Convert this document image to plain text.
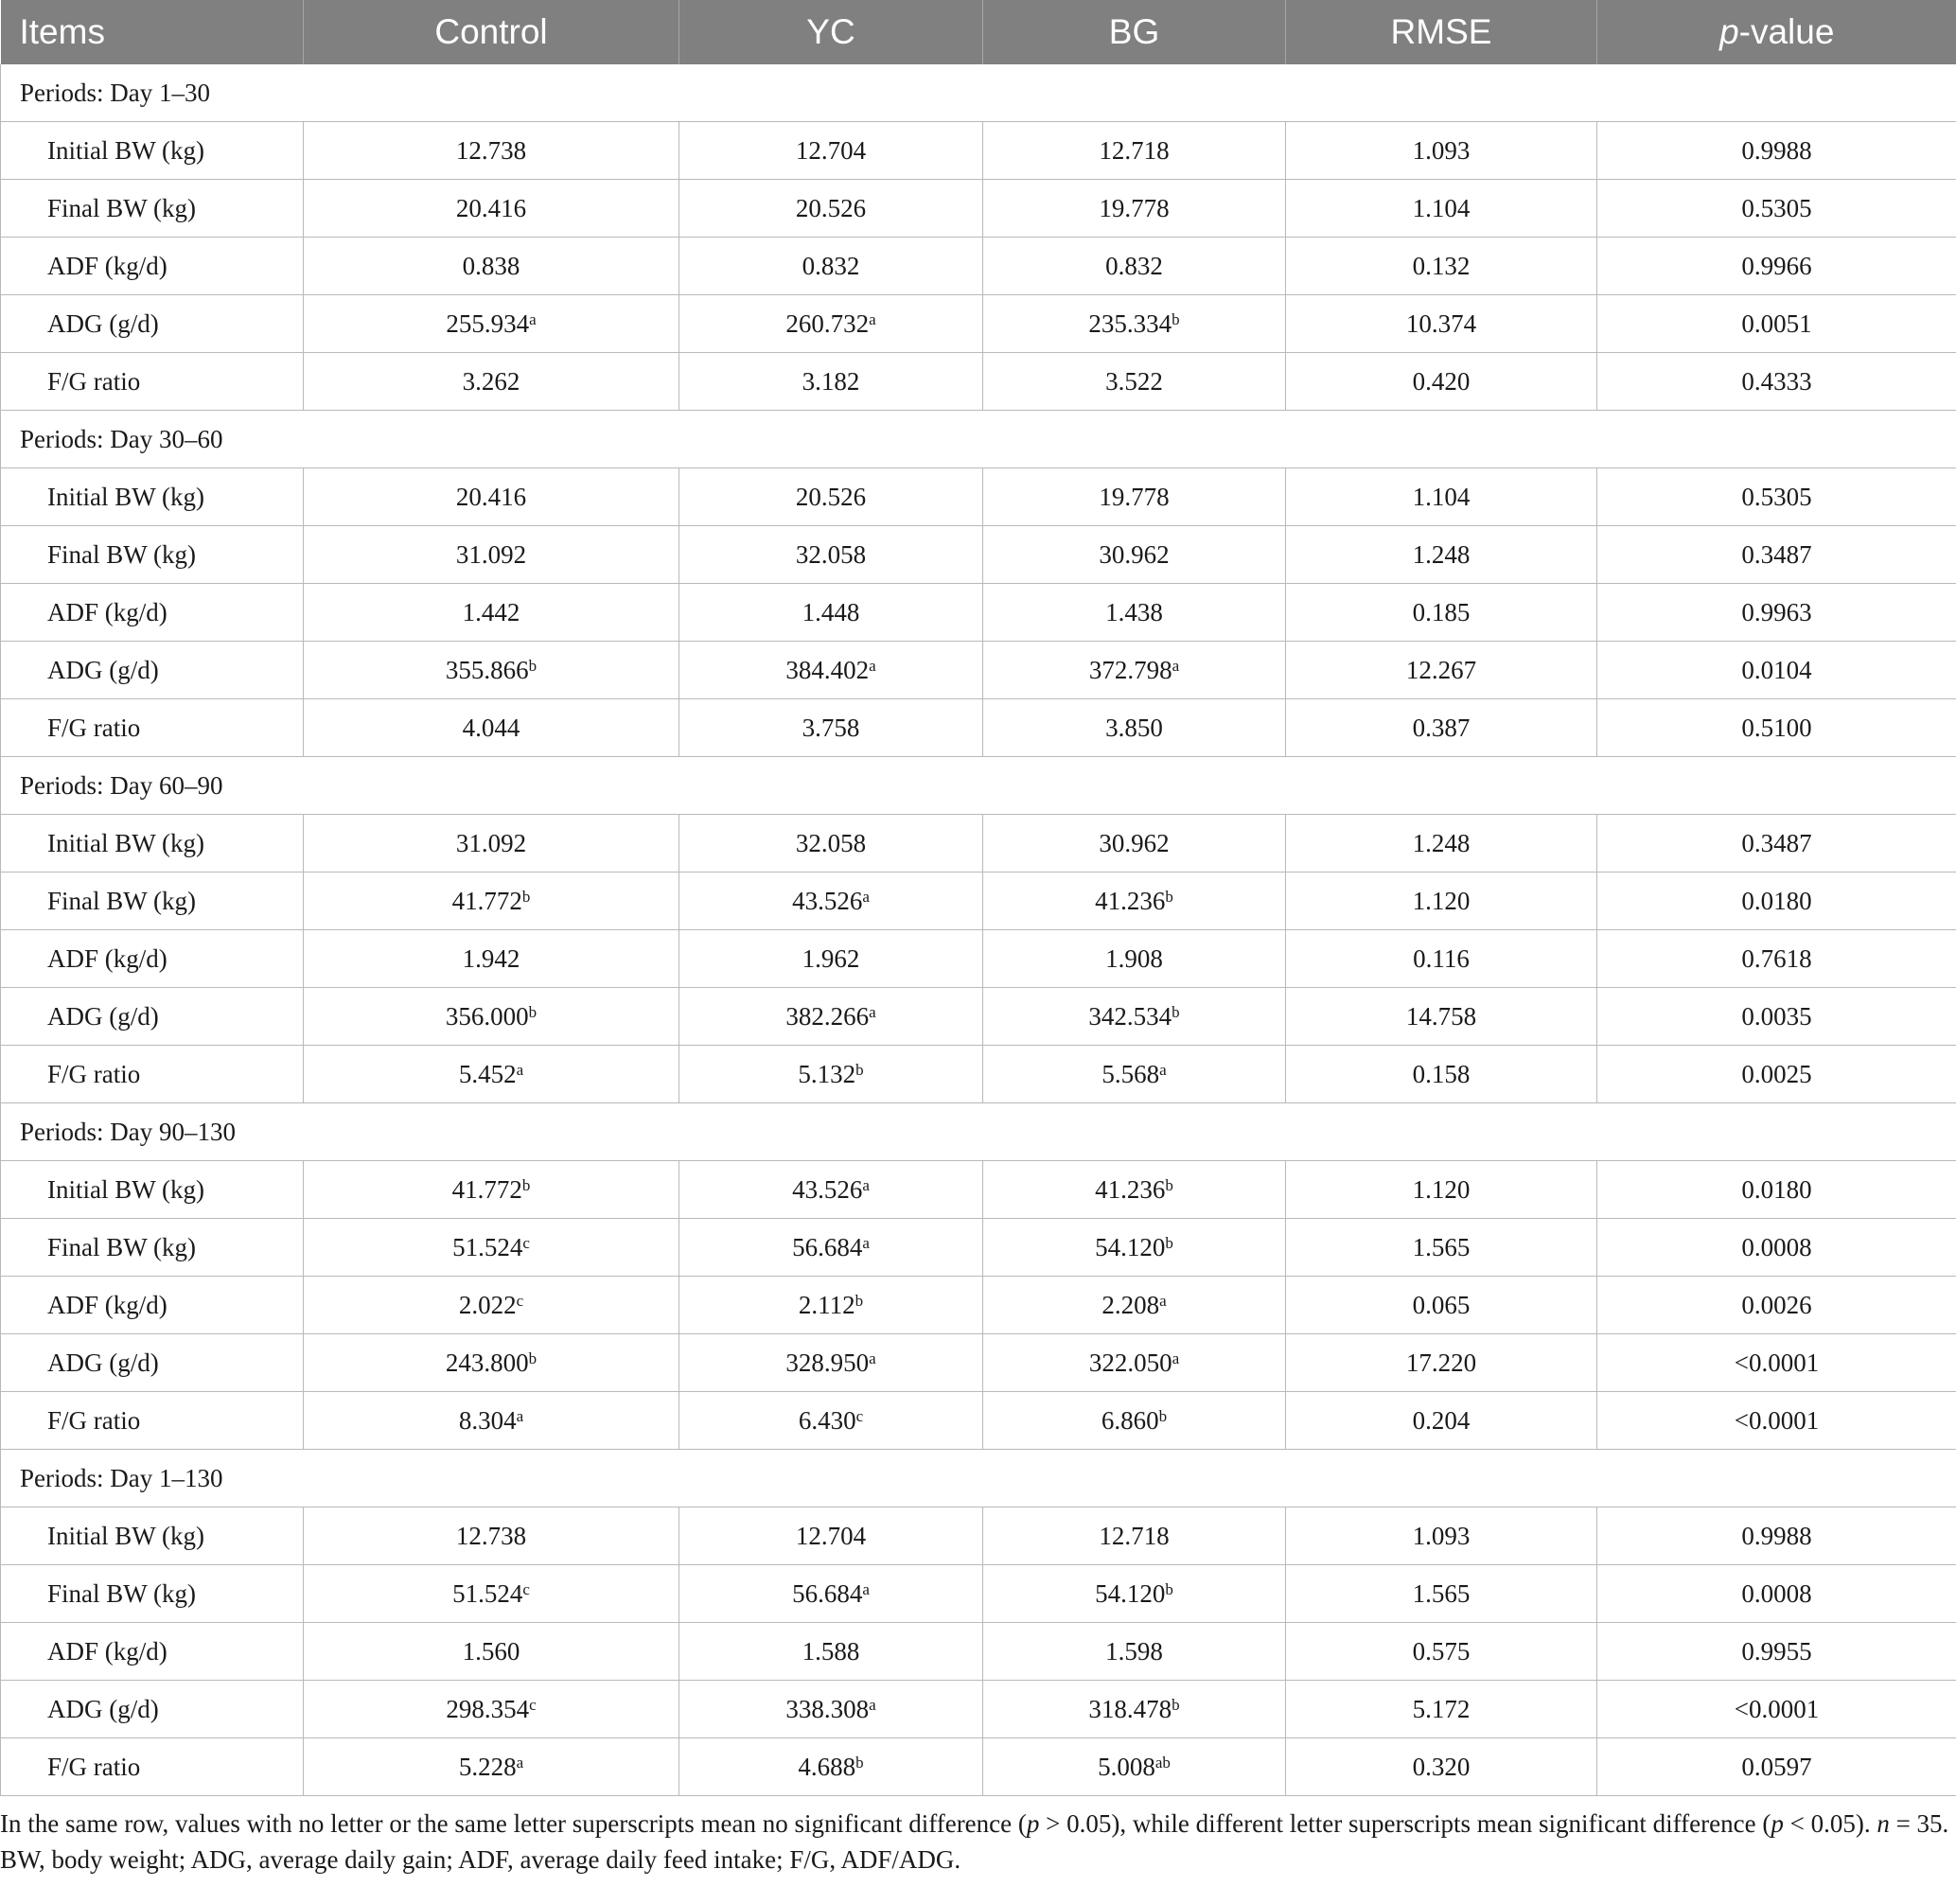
Items	Control	YC	BG	RMSE	p-value
Periods: Day 1–30					
Initial BW (kg)	12.738	12.704	12.718	1.093	0.9988
Final BW (kg)	20.416	20.526	19.778	1.104	0.5305
ADF (kg/d)	0.838	0.832	0.832	0.132	0.9966
ADG (g/d)	255.934$^a$	260.732$^a$	235.334$^b$	10.374	0.0051
F/G ratio	3.262	3.182	3.522	0.420	0.4333
Periods: Day 30–60					
Initial BW (kg)	20.416	20.526	19.778	1.104	0.5305
Final BW (kg)	31.092	32.058	30.962	1.248	0.3487
ADF (kg/d)	1.442	1.448	1.438	0.185	0.9963
ADG (g/d)	355.866$^b$	384.402$^a$	372.798$^a$	12.267	0.0104
F/G ratio	4.044	3.758	3.850	0.387	0.5100
Periods: Day 60–90					
Initial BW (kg)	31.092	32.058	30.962	1.248	0.3487
Final BW (kg)	41.772$^b$	43.526$^a$	41.236$^b$	1.120	0.0180
ADF (kg/d)	1.942	1.962	1.908	0.116	0.7618
ADG (g/d)	356.000$^b$	382.266$^a$	342.534$^b$	14.758	0.0035
F/G ratio	5.452$^a$	5.132$^b$	5.568$^a$	0.158	0.0025
Periods: Day 90–130					
Initial BW (kg)	41.772$^b$	43.526$^a$	41.236$^b$	1.120	0.0180
Final BW (kg)	51.524$^c$	56.684$^a$	54.120$^b$	1.565	0.0008
ADF (kg/d)	2.022$^c$	2.112$^b$	2.208$^a$	0.065	0.0026
ADG (g/d)	243.800$^b$	328.950$^a$	322.050$^a$	17.220	<0.0001
F/G ratio	8.304$^a$	6.430$^c$	6.860$^b$	0.204	<0.0001
Periods: Day 1–130					
Initial BW (kg)	12.738	12.704	12.718	1.093	0.9988
Final BW (kg)	51.524$^c$	56.684$^a$	54.120$^b$	1.565	0.0008
ADF (kg/d)	1.560	1.588	1.598	0.575	0.9955
ADG (g/d)	298.354$^c$	338.308$^a$	318.478$^b$	5.172	<0.0001
F/G ratio	5.228$^a$	4.688$^b$	5.008$^{ab}$	0.320	0.0597

In the same row, values with no letter or the same letter superscripts mean no significant difference (p > 0.05), while different letter superscripts mean significant difference (p < 0.05). n = 35.
BW, body weight; ADG, average daily gain; ADF, average daily feed intake; F/G, ADF/ADG.
